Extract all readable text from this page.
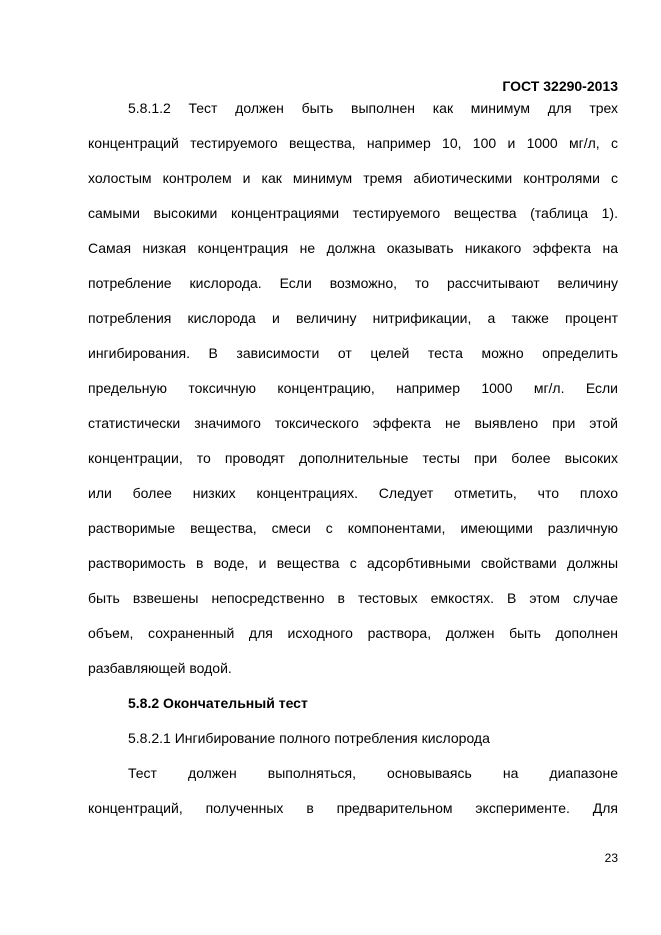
ГОСТ 32290-2013
5.8.1.2 Тест должен быть выполнен как минимум для трех
концентраций тестируемого вещества, например 10, 100 и 1000 мг/л, с
холостым контролем и как минимум тремя абиотическими контролями с
самыми высокими концентрациями тестируемого вещества (таблица 1).
Самая низкая концентрация не должна оказывать никакого эффекта на
потребление кислорода. Если возможно, то рассчитывают величину
потребления кислорода и величину нитрификации, а также процент
ингибирования. В зависимости от целей теста можно определить
предельную токсичную концентрацию, например 1000 мг/л. Если
статистически значимого токсического эффекта не выявлено при этой
концентрации, то проводят дополнительные тесты при более высоких
или более низких концентрациях. Следует отметить, что плохо
растворимые вещества, смеси с компонентами, имеющими различную
растворимость в воде, и вещества с адсорбтивными свойствами должны
быть взвешены непосредственно в тестовых емкостях. В этом случае
объем, сохраненный для исходного раствора, должен быть дополнен
разбавляющей водой.
5.8.2 Окончательный тест
5.8.2.1 Ингибирование полного потребления кислорода
Тест должен выполняться, основываясь на диапазоне
концентраций, полученных в предварительном эксперименте. Для
23
